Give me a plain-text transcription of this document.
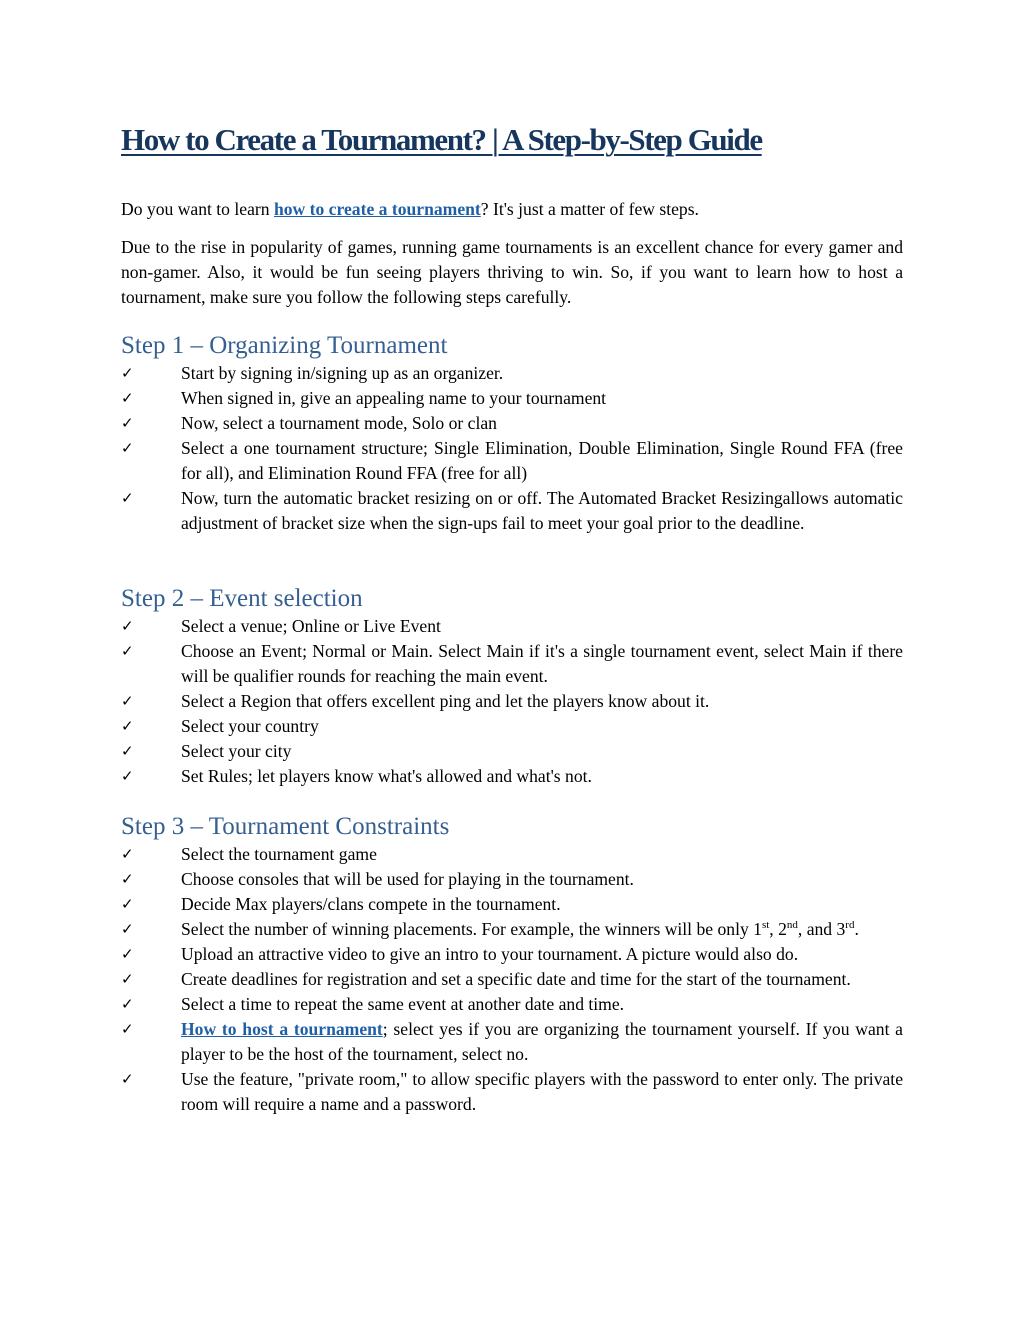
How to Create a Tournament? | A Step-by-Step Guide

Do you want to learn how to create a tournament? It's just a matter of few steps.

Due to the rise in popularity of games, running game tournaments is an excellent chance for every gamer and non-gamer. Also, it would be fun seeing players thriving to win. So, if you want to learn how to host a tournament, make sure you follow the following steps carefully.

Step 1 – Organizing Tournament
✓	Start by signing in/signing up as an organizer.
✓	When signed in, give an appealing name to your tournament
✓	Now, select a tournament mode, Solo or clan
✓	Select a one tournament structure; Single Elimination, Double Elimination, Single Round FFA (free for all), and Elimination Round FFA (free for all)
✓	Now, turn the automatic bracket resizing on or off. The Automated Bracket Resizingallows automatic adjustment of bracket size when the sign-ups fail to meet your goal prior to the deadline.
Step 2 – Event selection
✓	Select a venue; Online or Live Event
✓	Choose an Event; Normal or Main. Select Main if it's a single tournament event, select Main if there will be qualifier rounds for reaching the main event.
✓	Select a Region that offers excellent ping and let the players know about it.
✓	Select your country
✓	Select your city
✓	Set Rules; let players know what's allowed and what's not.
Step 3 – Tournament Constraints
✓	Select the tournament game
✓	Choose consoles that will be used for playing in the tournament.
✓	Decide Max players/clans compete in the tournament.
✓	Select the number of winning placements. For example, the winners will be only 1st, 2nd, and 3rd.
✓	Upload an attractive video to give an intro to your tournament. A picture would also do.
✓	Create deadlines for registration and set a specific date and time for the start of the tournament.
✓	Select a time to repeat the same event at another date and time.
✓	How to host a tournament; select yes if you are organizing the tournament yourself. If you want a player to be the host of the tournament, select no.
✓	Use the feature, "private room," to allow specific players with the password to enter only. The private room will require a name and a password.
